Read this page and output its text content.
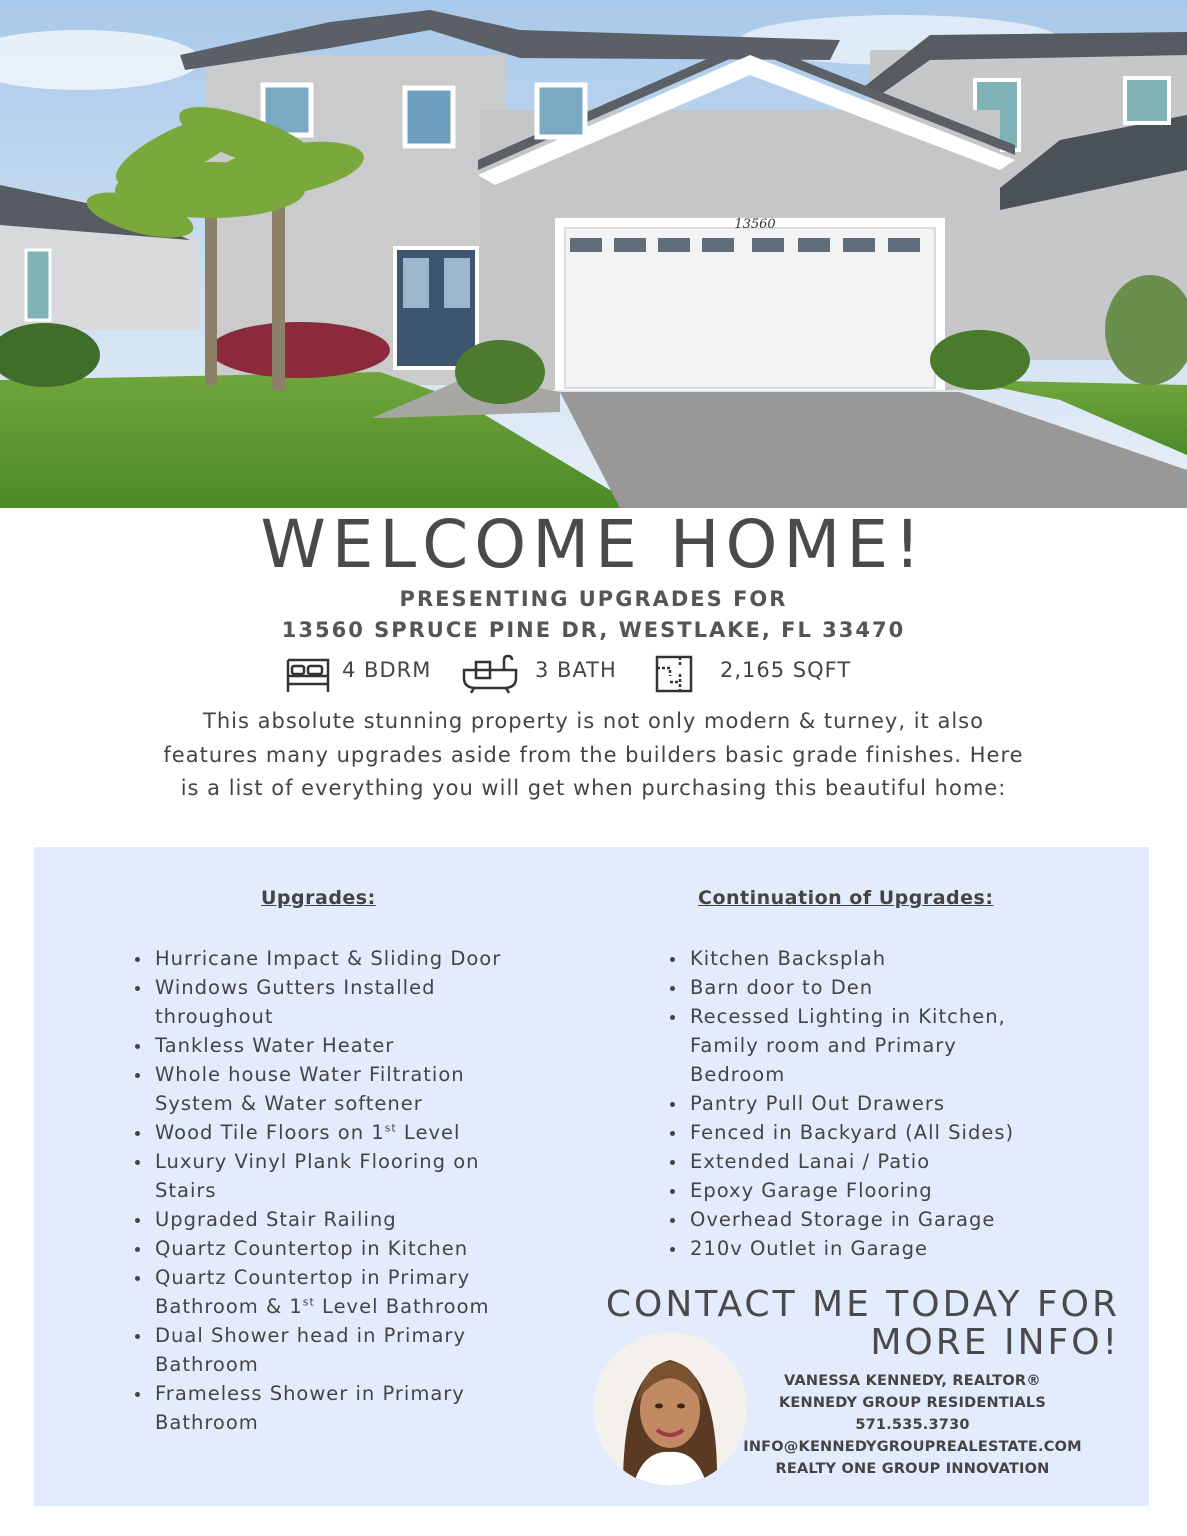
13560
WELCOME HOME!
PRESENTING UPGRADES FOR
13560 SPRUCE PINE DR, WESTLAKE, FL 33470
4 BDRM	3 BATH	2,165 SQFT
This absolute stunning property is not only modern & turney, it also features many upgrades aside from the builders basic grade finishes. Here is a list of everything you will get when purchasing this beautiful home:
Upgrades:	Continuation of Upgrades:
Hurricane Impact & Sliding Door
Windows Gutters Installed throughout
Tankless Water Heater
Whole house Water Filtration System & Water softener
Wood Tile Floors on 1st Level
Luxury Vinyl Plank Flooring on Stairs
Upgraded Stair Railing
Quartz Countertop in Kitchen
Quartz Countertop in Primary Bathroom & 1st Level Bathroom
Dual Shower head in Primary Bathroom
Frameless Shower in Primary Bathroom
Kitchen Backsplah
Barn door to Den
Recessed Lighting in Kitchen, Family room and Primary Bedroom
Pantry Pull Out Drawers
Fenced in Backyard (All Sides)
Extended Lanai / Patio
Epoxy Garage Flooring
Overhead Storage in Garage
210v Outlet in Garage
CONTACT ME TODAY FOR
MORE INFO!
VANESSA KENNEDY, REALTOR®
KENNEDY GROUP RESIDENTIALS
571.535.3730
INFO@KENNEDYGROUPREALESTATE.COM
REALTY ONE GROUP INNOVATION
